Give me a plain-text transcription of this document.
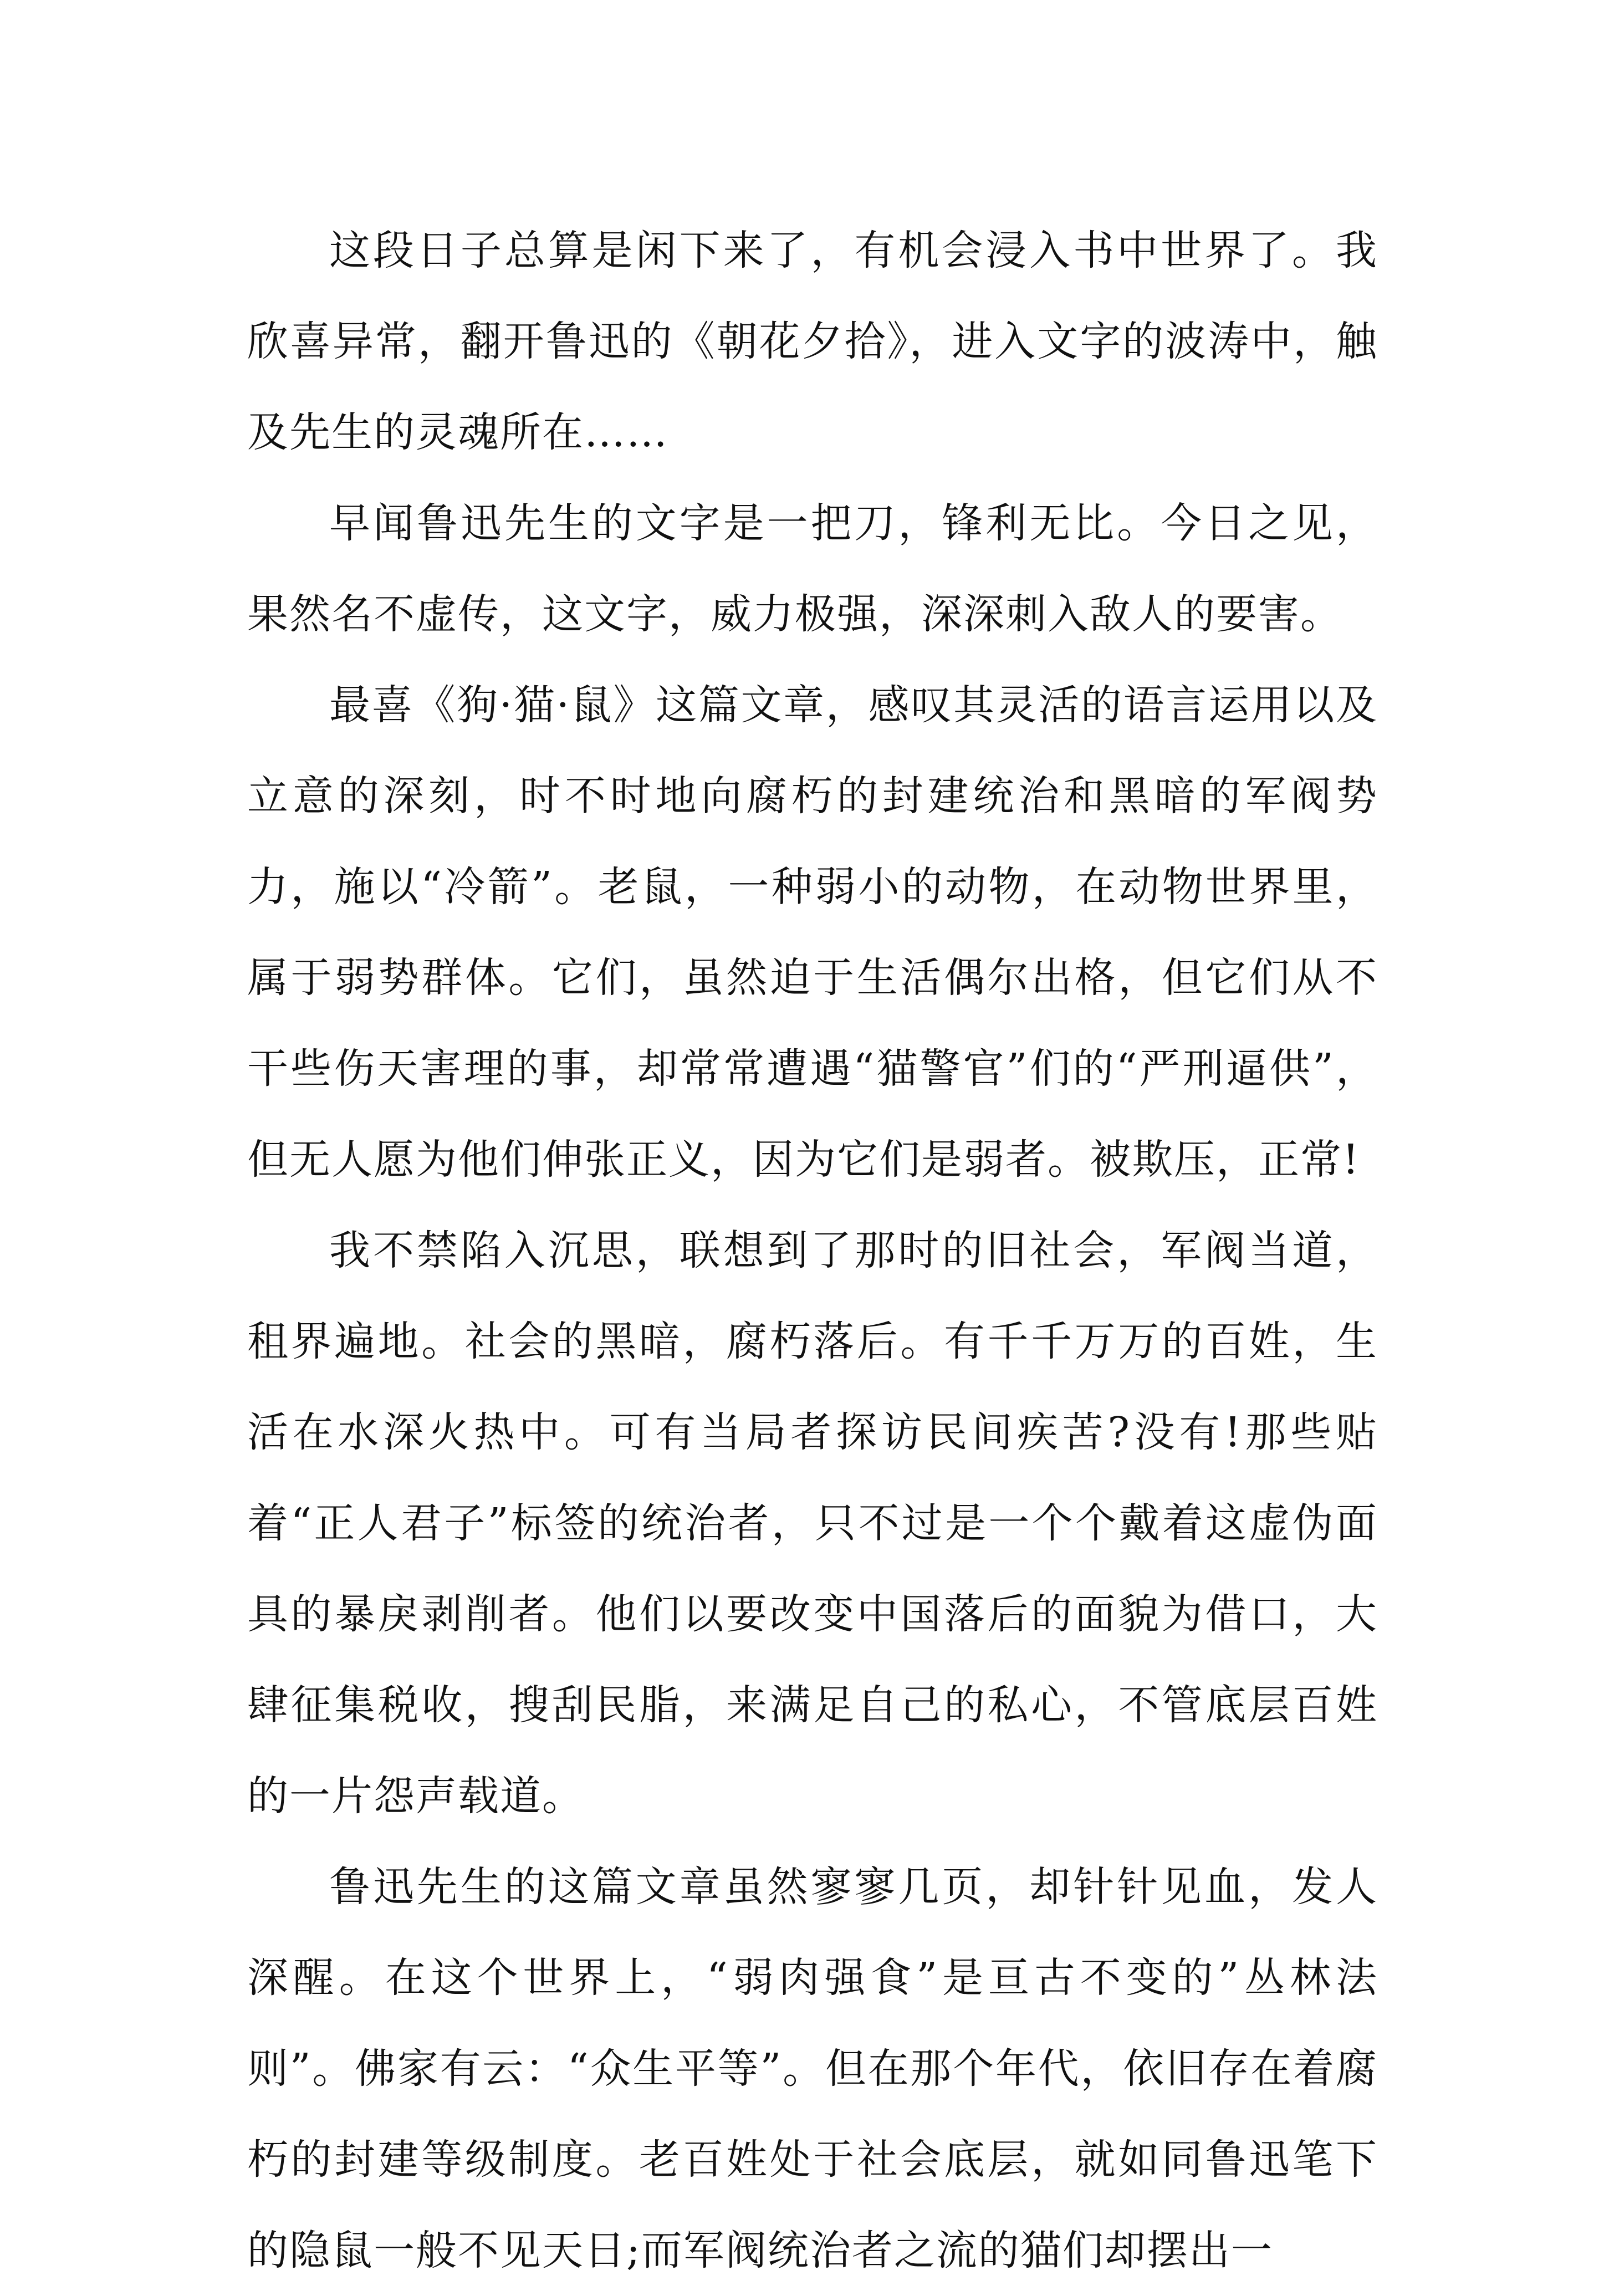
这段日子总算是闲下来了，有机会浸入书中世界了。我欣喜异常，翻开鲁迅的《朝花夕拾》，进入文字的波涛中，触及先生的灵魂所在……

早闻鲁迅先生的文字是一把刀，锋利无比。今日之见，果然名不虚传，这文字，威力极强，深深刺入敌人的要害。

最喜《狗·猫·鼠》这篇文章，感叹其灵活的语言运用以及立意的深刻，时不时地向腐朽的封建统治和黑暗的军阀势力，施以“冷箭”。老鼠，一种弱小的动物，在动物世界里，属于弱势群体。它们，虽然迫于生活偶尔出格，但它们从不干些伤天害理的事，却常常遭遇“猫警官”们的“严刑逼供”，但无人愿为他们伸张正义，因为它们是弱者。被欺压，正常!

我不禁陷入沉思，联想到了那时的旧社会，军阀当道，租界遍地。社会的黑暗，腐朽落后。有千千万万的百姓，生活在水深火热中。可有当局者探访民间疾苦?没有!那些贴着“正人君子”标签的统治者，只不过是一个个戴着这虚伪面具的暴戾剥削者。他们以要改变中国落后的面貌为借口，大肆征集税收，搜刮民脂，来满足自己的私心，不管底层百姓的一片怨声载道。

鲁迅先生的这篇文章虽然寥寥几页，却针针见血，发人深醒。在这个世界上，“弱肉强食”是亘古不变的”丛林法则”。佛家有云：“众生平等”。但在那个年代，依旧存在着腐朽的封建等级制度。老百姓处于社会底层，就如同鲁迅笔下的隐鼠一般不见天日;而军阀统治者之流的猫们却摆出一
